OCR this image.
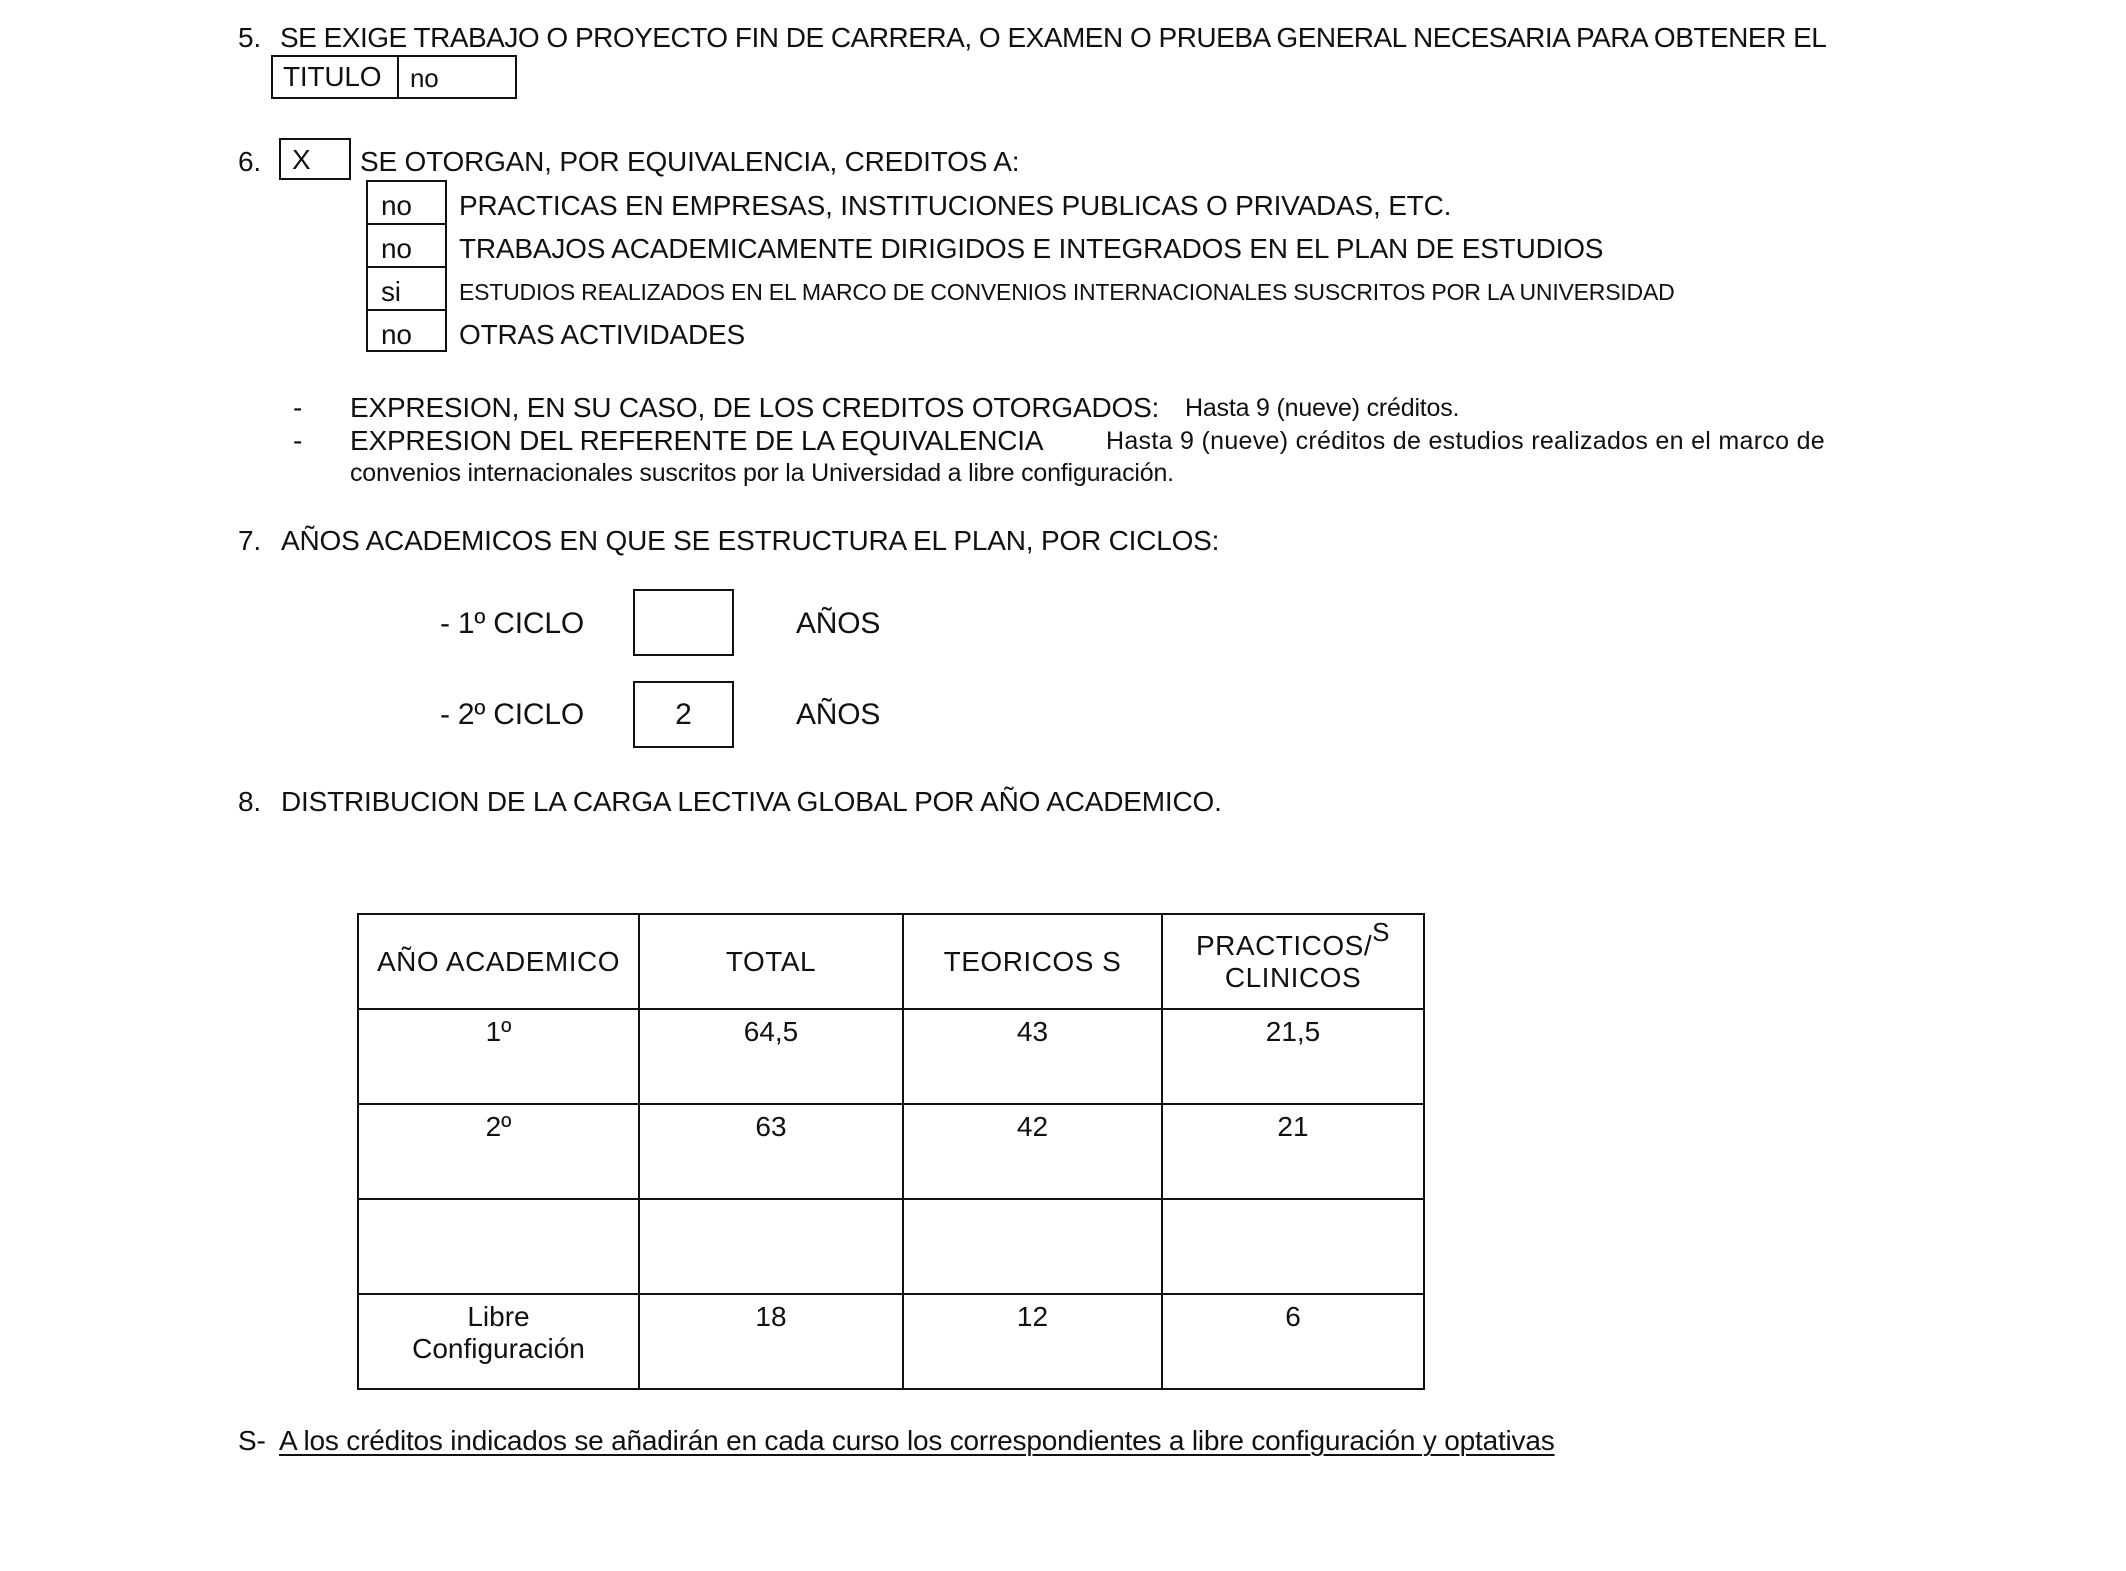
5. SE EXIGE TRABAJO O PROYECTO FIN DE CARRERA, O EXAMEN O PRUEBA GENERAL NECESARIA PARA OBTENER EL
TITULO no
6. X SE OTORGAN, POR EQUIVALENCIA, CREDITOS A:
no PRACTICAS EN EMPRESAS, INSTITUCIONES PUBLICAS O PRIVADAS, ETC.
no TRABAJOS ACADEMICAMENTE DIRIGIDOS E INTEGRADOS EN EL PLAN DE ESTUDIOS
si	ESTUDIOS REALIZADOS EN EL MARCO DE CONVENIOS INTERNACIONALES SUSCRITOS POR LA UNIVERSIDAD
no OTRAS ACTIVIDADES
- EXPRESION, EN SU CASO, DE LOS CREDITOS OTORGADOS: Hasta 9 (nueve) créditos.
- EXPRESION DEL REFERENTE DE LA EQUIVALENCIA	Hasta 9 (nueve) créditos de estudios realizados en el marco de
convenios internacionales suscritos por la Universidad a libre configuración.
7. AÑOS ACADEMICOS EN QUE SE ESTRUCTURA EL PLAN, POR CICLOS:
- 1º CICLO	AÑOS
- 2º CICLO	2	AÑOS
8. DISTRIBUCION DE LA CARGA LECTIVA GLOBAL POR AÑO ACADEMICO.
AÑO ACADEMICO	TOTAL	TEORICOS S	PRACTICOS/S
CLINICOS
1º	64,5	43	21,5
2º	63	42	21

Libre
Configuración	18	12	6
S- A los créditos indicados se añadirán en cada curso los correspondientes a libre configuración y optativas
